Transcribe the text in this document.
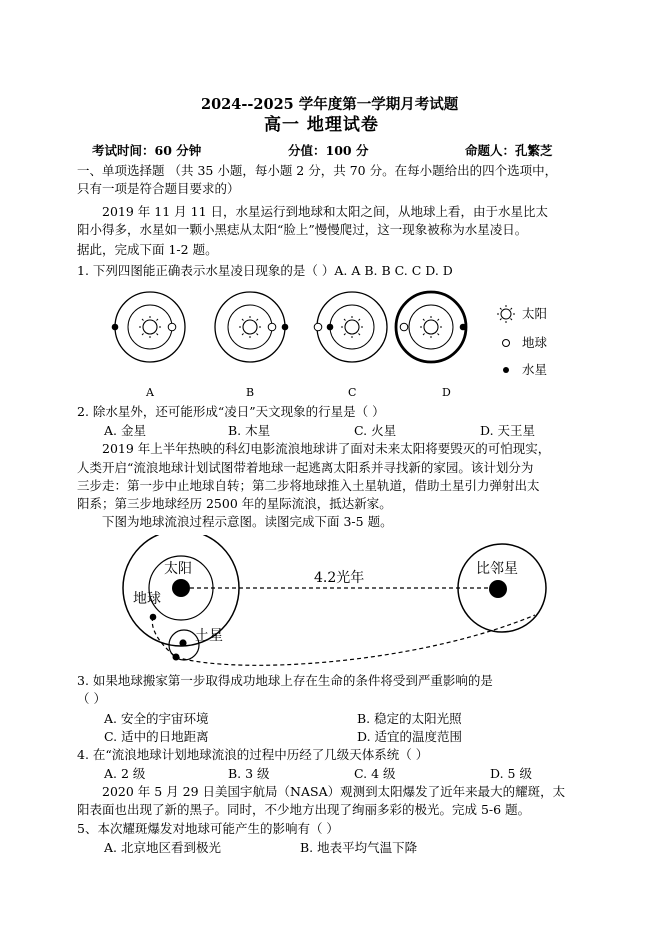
2024--2025 学年度第一学期月考试题
高一 地理试卷
考试时间：60 分钟	分值：100 分	命题人：孔繁芝
一、单项选择题 （共 35 小题，每小题 2 分，共 70 分。在每小题给出的四个选项中，
只有一项是符合题目要求的）
2019 年 11 月 11 日，水星运行到地球和太阳之间，从地球上看，由于水星比太
阳小得多，水星如一颗小黑痣从太阳“脸上”慢慢爬过，这一现象被称为水星凌日。
据此，完成下面 1-2 题。
1. 下列四图能正确表示水星凌日现象的是（ ）A. A B. B C. C D. D
A	B	C	D
太阳
地球
水星
2. 除水星外，还可能形成“凌日”天文现象的行星是（ ）
A. 金星	B. 木星	C. 火星	D. 天王星
2019 年上半年热映的科幻电影流浪地球讲了面对未来太阳将要毁灭的可怕现实，
人类开启“流浪地球计划试图带着地球一起逃离太阳系并寻找新的家园。该计划分为
三步走：第一步中止地球自转；第二步将地球推入土星轨道，借助土星引力弹射出太
阳系；第三步地球经历 2500 年的星际流浪，抵达新家。
下图为地球流浪过程示意图。读图完成下面 3-5 题。
太阳	比邻星
4.2光年
地球
土星
3. 如果地球搬家第一步取得成功地球上存在生命的条件将受到严重影响的是
（ ）
A. 安全的宇宙环境	B. 稳定的太阳光照
C. 适中的日地距离	D. 适宜的温度范围
4. 在“流浪地球计划地球流浪的过程中历经了几级天体系统（ ）
A. 2 级	B. 3 级	C. 4 级	D. 5 级
2020 年 5 月 29 日美国宇航局（NASA）观测到太阳爆发了近年来最大的耀斑，太
阳表面也出现了新的黑子。同时，不少地方出现了绚丽多彩的极光。完成 5-6 题。
5、本次耀斑爆发对地球可能产生的影响有（ ）
A. 北京地区看到极光	B. 地表平均气温下降
